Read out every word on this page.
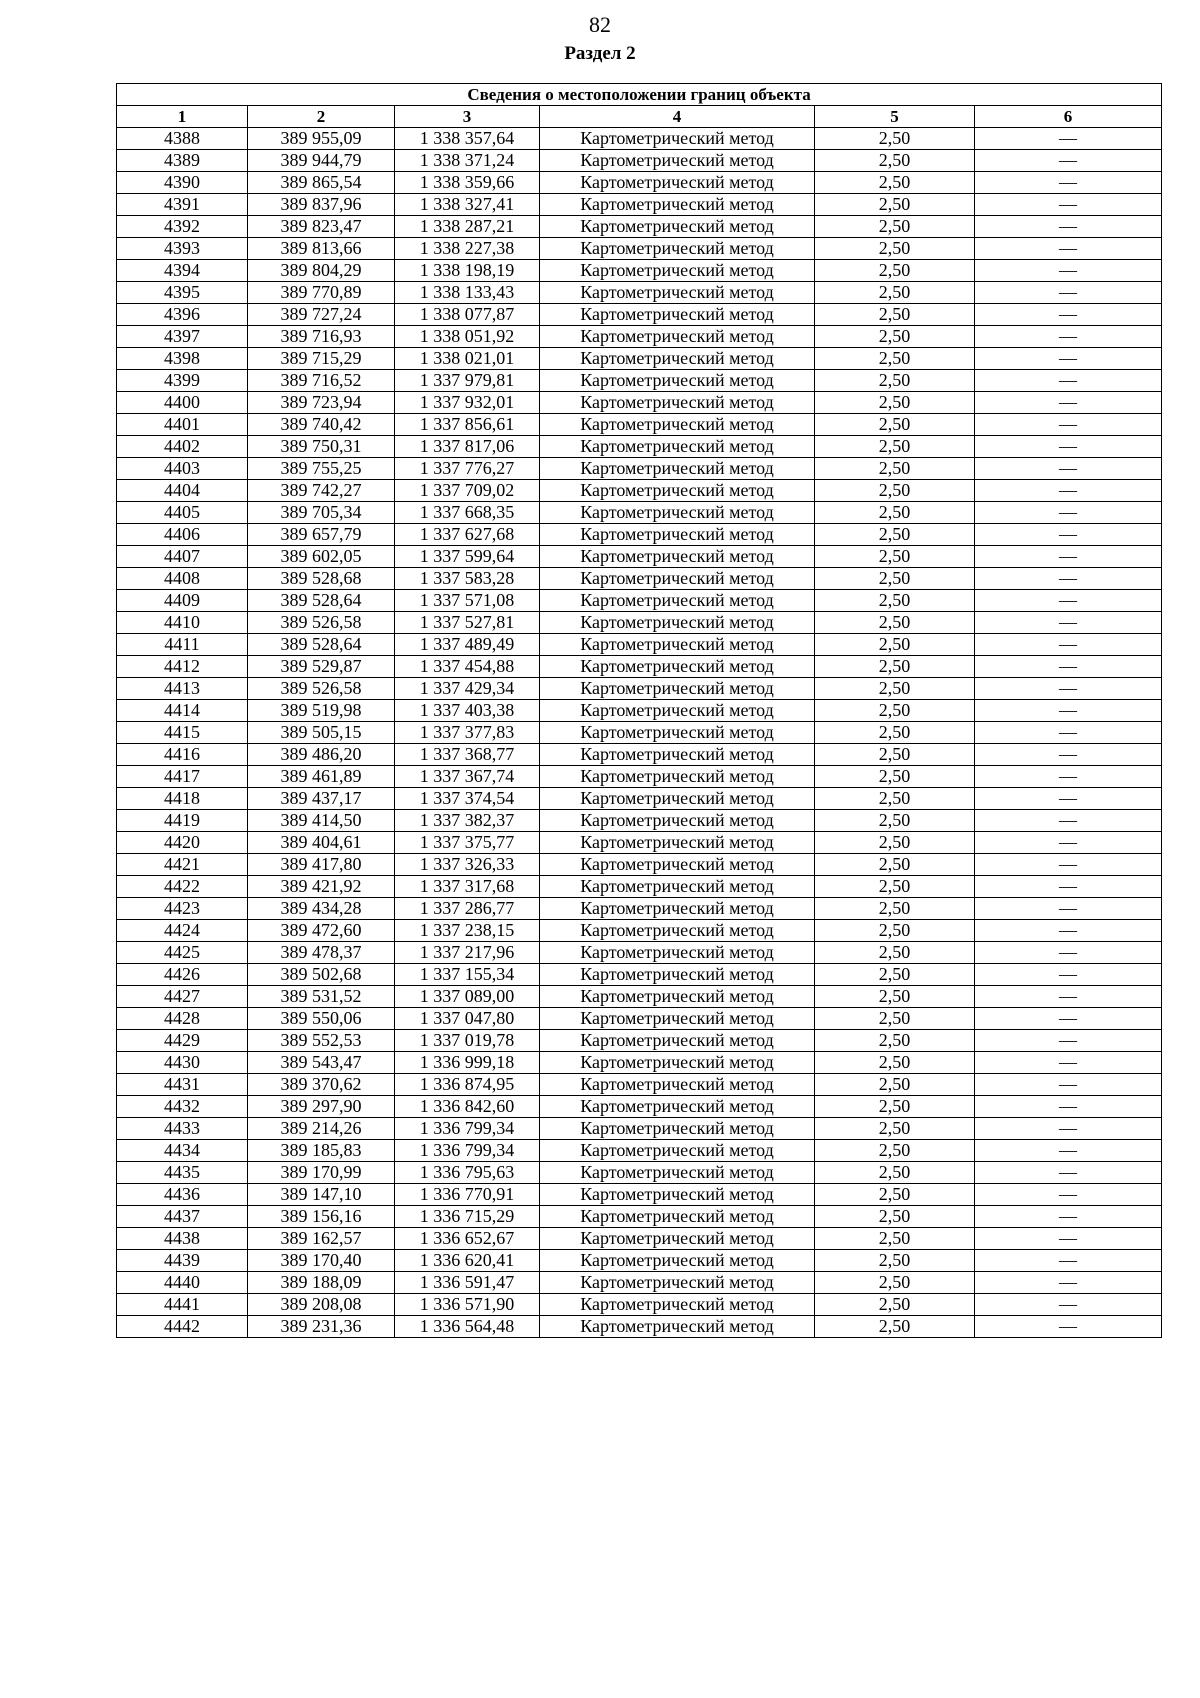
82
Раздел 2
Сведения о местоположении границ объекта					
1	2	3	4	5	6
4388	389 955,09	1 338 357,64	Картометрический метод	2,50	—
4389	389 944,79	1 338 371,24	Картометрический метод	2,50	—
4390	389 865,54	1 338 359,66	Картометрический метод	2,50	—
4391	389 837,96	1 338 327,41	Картометрический метод	2,50	—
4392	389 823,47	1 338 287,21	Картометрический метод	2,50	—
4393	389 813,66	1 338 227,38	Картометрический метод	2,50	—
4394	389 804,29	1 338 198,19	Картометрический метод	2,50	—
4395	389 770,89	1 338 133,43	Картометрический метод	2,50	—
4396	389 727,24	1 338 077,87	Картометрический метод	2,50	—
4397	389 716,93	1 338 051,92	Картометрический метод	2,50	—
4398	389 715,29	1 338 021,01	Картометрический метод	2,50	—
4399	389 716,52	1 337 979,81	Картометрический метод	2,50	—
4400	389 723,94	1 337 932,01	Картометрический метод	2,50	—
4401	389 740,42	1 337 856,61	Картометрический метод	2,50	—
4402	389 750,31	1 337 817,06	Картометрический метод	2,50	—
4403	389 755,25	1 337 776,27	Картометрический метод	2,50	—
4404	389 742,27	1 337 709,02	Картометрический метод	2,50	—
4405	389 705,34	1 337 668,35	Картометрический метод	2,50	—
4406	389 657,79	1 337 627,68	Картометрический метод	2,50	—
4407	389 602,05	1 337 599,64	Картометрический метод	2,50	—
4408	389 528,68	1 337 583,28	Картометрический метод	2,50	—
4409	389 528,64	1 337 571,08	Картометрический метод	2,50	—
4410	389 526,58	1 337 527,81	Картометрический метод	2,50	—
4411	389 528,64	1 337 489,49	Картометрический метод	2,50	—
4412	389 529,87	1 337 454,88	Картометрический метод	2,50	—
4413	389 526,58	1 337 429,34	Картометрический метод	2,50	—
4414	389 519,98	1 337 403,38	Картометрический метод	2,50	—
4415	389 505,15	1 337 377,83	Картометрический метод	2,50	—
4416	389 486,20	1 337 368,77	Картометрический метод	2,50	—
4417	389 461,89	1 337 367,74	Картометрический метод	2,50	—
4418	389 437,17	1 337 374,54	Картометрический метод	2,50	—
4419	389 414,50	1 337 382,37	Картометрический метод	2,50	—
4420	389 404,61	1 337 375,77	Картометрический метод	2,50	—
4421	389 417,80	1 337 326,33	Картометрический метод	2,50	—
4422	389 421,92	1 337 317,68	Картометрический метод	2,50	—
4423	389 434,28	1 337 286,77	Картометрический метод	2,50	—
4424	389 472,60	1 337 238,15	Картометрический метод	2,50	—
4425	389 478,37	1 337 217,96	Картометрический метод	2,50	—
4426	389 502,68	1 337 155,34	Картометрический метод	2,50	—
4427	389 531,52	1 337 089,00	Картометрический метод	2,50	—
4428	389 550,06	1 337 047,80	Картометрический метод	2,50	—
4429	389 552,53	1 337 019,78	Картометрический метод	2,50	—
4430	389 543,47	1 336 999,18	Картометрический метод	2,50	—
4431	389 370,62	1 336 874,95	Картометрический метод	2,50	—
4432	389 297,90	1 336 842,60	Картометрический метод	2,50	—
4433	389 214,26	1 336 799,34	Картометрический метод	2,50	—
4434	389 185,83	1 336 799,34	Картометрический метод	2,50	—
4435	389 170,99	1 336 795,63	Картометрический метод	2,50	—
4436	389 147,10	1 336 770,91	Картометрический метод	2,50	—
4437	389 156,16	1 336 715,29	Картометрический метод	2,50	—
4438	389 162,57	1 336 652,67	Картометрический метод	2,50	—
4439	389 170,40	1 336 620,41	Картометрический метод	2,50	—
4440	389 188,09	1 336 591,47	Картометрический метод	2,50	—
4441	389 208,08	1 336 571,90	Картометрический метод	2,50	—
4442	389 231,36	1 336 564,48	Картометрический метод	2,50	—
